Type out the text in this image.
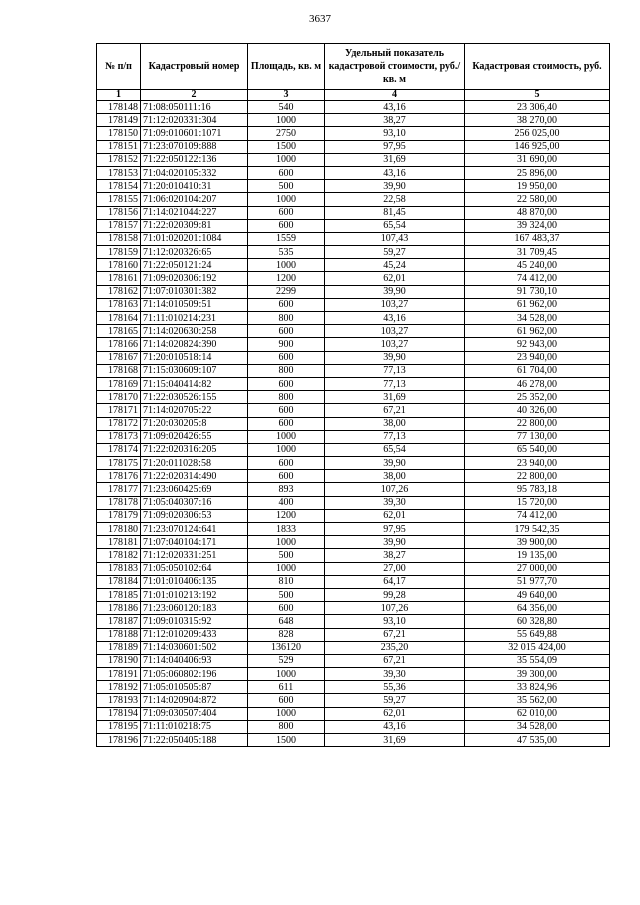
3637
№ п/п	Кадастровый номер	Площадь, кв. м	Удельный показатель кадастровой стоимости, руб./кв. м	Кадастровая стоимость, руб.
1	2	3	4	5
178148	71:08:050111:16	540	43,16	23 306,40
178149	71:12:020331:304	1000	38,27	38 270,00
178150	71:09:010601:1071	2750	93,10	256 025,00
178151	71:23:070109:888	1500	97,95	146 925,00
178152	71:22:050122:136	1000	31,69	31 690,00
178153	71:04:020105:332	600	43,16	25 896,00
178154	71:20:010410:31	500	39,90	19 950,00
178155	71:06:020104:207	1000	22,58	22 580,00
178156	71:14:021044:227	600	81,45	48 870,00
178157	71:22:020309:81	600	65,54	39 324,00
178158	71:01:020201:1084	1559	107,43	167 483,37
178159	71:12:020326:65	535	59,27	31 709,45
178160	71:22:050121:24	1000	45,24	45 240,00
178161	71:09:020306:192	1200	62,01	74 412,00
178162	71:07:010301:382	2299	39,90	91 730,10
178163	71:14:010509:51	600	103,27	61 962,00
178164	71:11:010214:231	800	43,16	34 528,00
178165	71:14:020630:258	600	103,27	61 962,00
178166	71:14:020824:390	900	103,27	92 943,00
178167	71:20:010518:14	600	39,90	23 940,00
178168	71:15:030609:107	800	77,13	61 704,00
178169	71:15:040414:82	600	77,13	46 278,00
178170	71:22:030526:155	800	31,69	25 352,00
178171	71:14:020705:22	600	67,21	40 326,00
178172	71:20:030205:8	600	38,00	22 800,00
178173	71:09:020426:55	1000	77,13	77 130,00
178174	71:22:020316:205	1000	65,54	65 540,00
178175	71:20:011028:58	600	39,90	23 940,00
178176	71:22:020314:490	600	38,00	22 800,00
178177	71:23:060425:69	893	107,26	95 783,18
178178	71:05:040307:16	400	39,30	15 720,00
178179	71:09:020306:53	1200	62,01	74 412,00
178180	71:23:070124:641	1833	97,95	179 542,35
178181	71:07:040104:171	1000	39,90	39 900,00
178182	71:12:020331:251	500	38,27	19 135,00
178183	71:05:050102:64	1000	27,00	27 000,00
178184	71:01:010406:135	810	64,17	51 977,70
178185	71:01:010213:192	500	99,28	49 640,00
178186	71:23:060120:183	600	107,26	64 356,00
178187	71:09:010315:92	648	93,10	60 328,80
178188	71:12:010209:433	828	67,21	55 649,88
178189	71:14:030601:502	136120	235,20	32 015 424,00
178190	71:14:040406:93	529	67,21	35 554,09
178191	71:05:060802:196	1000	39,30	39 300,00
178192	71:05:010505:87	611	55,36	33 824,96
178193	71:14:020904:872	600	59,27	35 562,00
178194	71:09:030507:404	1000	62,01	62 010,00
178195	71:11:010218:75	800	43,16	34 528,00
178196	71:22:050405:188	1500	31,69	47 535,00
